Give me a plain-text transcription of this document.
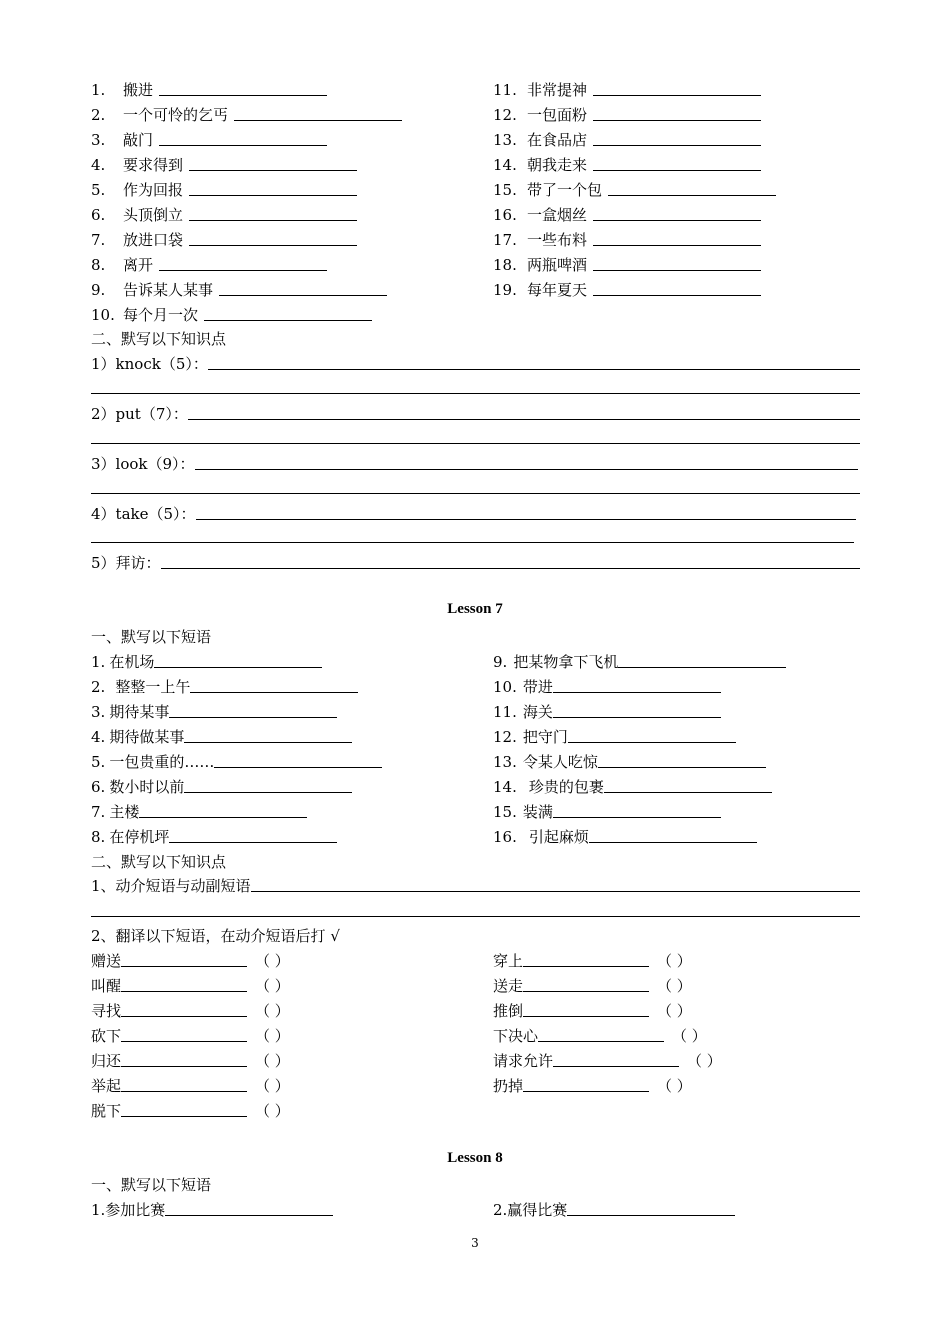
1.	搬进
2.	一个可怜的乞丐
3.	敲门
4.	要求得到
5.	作为回报
6.	头顶倒立
7.	放进口袋
8.	离开
9.	告诉某人某事
10. 每个月一次
11. 非常提神
12. 一包面粉
13. 在食品店
14. 朝我走来
15. 带了一个包
16. 一盒烟丝
17. 一些布料
18. 两瓶啤酒
19. 每年夏天
二、默写以下知识点
1）knock（5）：
2）put（7）：
3）look（9）：
4）take（5）：
5）拜访：
Lesson 7
一、默写以下短语
1. 在机场
2. 整整一上午
3. 期待某事
4. 期待做某事
5. 一包贵重的……
6. 数小时以前
7. 主楼
8. 在停机坪
9. 把某物拿下飞机
10. 带进
11. 海关
12. 把守门
13. 令某人吃惊
14. 珍贵的包裹
15. 装满
16. 引起麻烦
二、默写以下知识点
1、动介短语与动副短语
2、翻译以下短语，在动介短语后打 √
赠送	（ ）
叫醒	（ ）
寻找	（ ）
砍下	（ ）
归还	（ ）
举起	（ ）
脱下	（ ）
穿上	（ ）
送走	（ ）
推倒	（ ）
下决心	（ ）
请求允许	（ ）
扔掉	（ ）
Lesson 8
一、默写以下短语
1.参加比赛	2.赢得比赛
3
